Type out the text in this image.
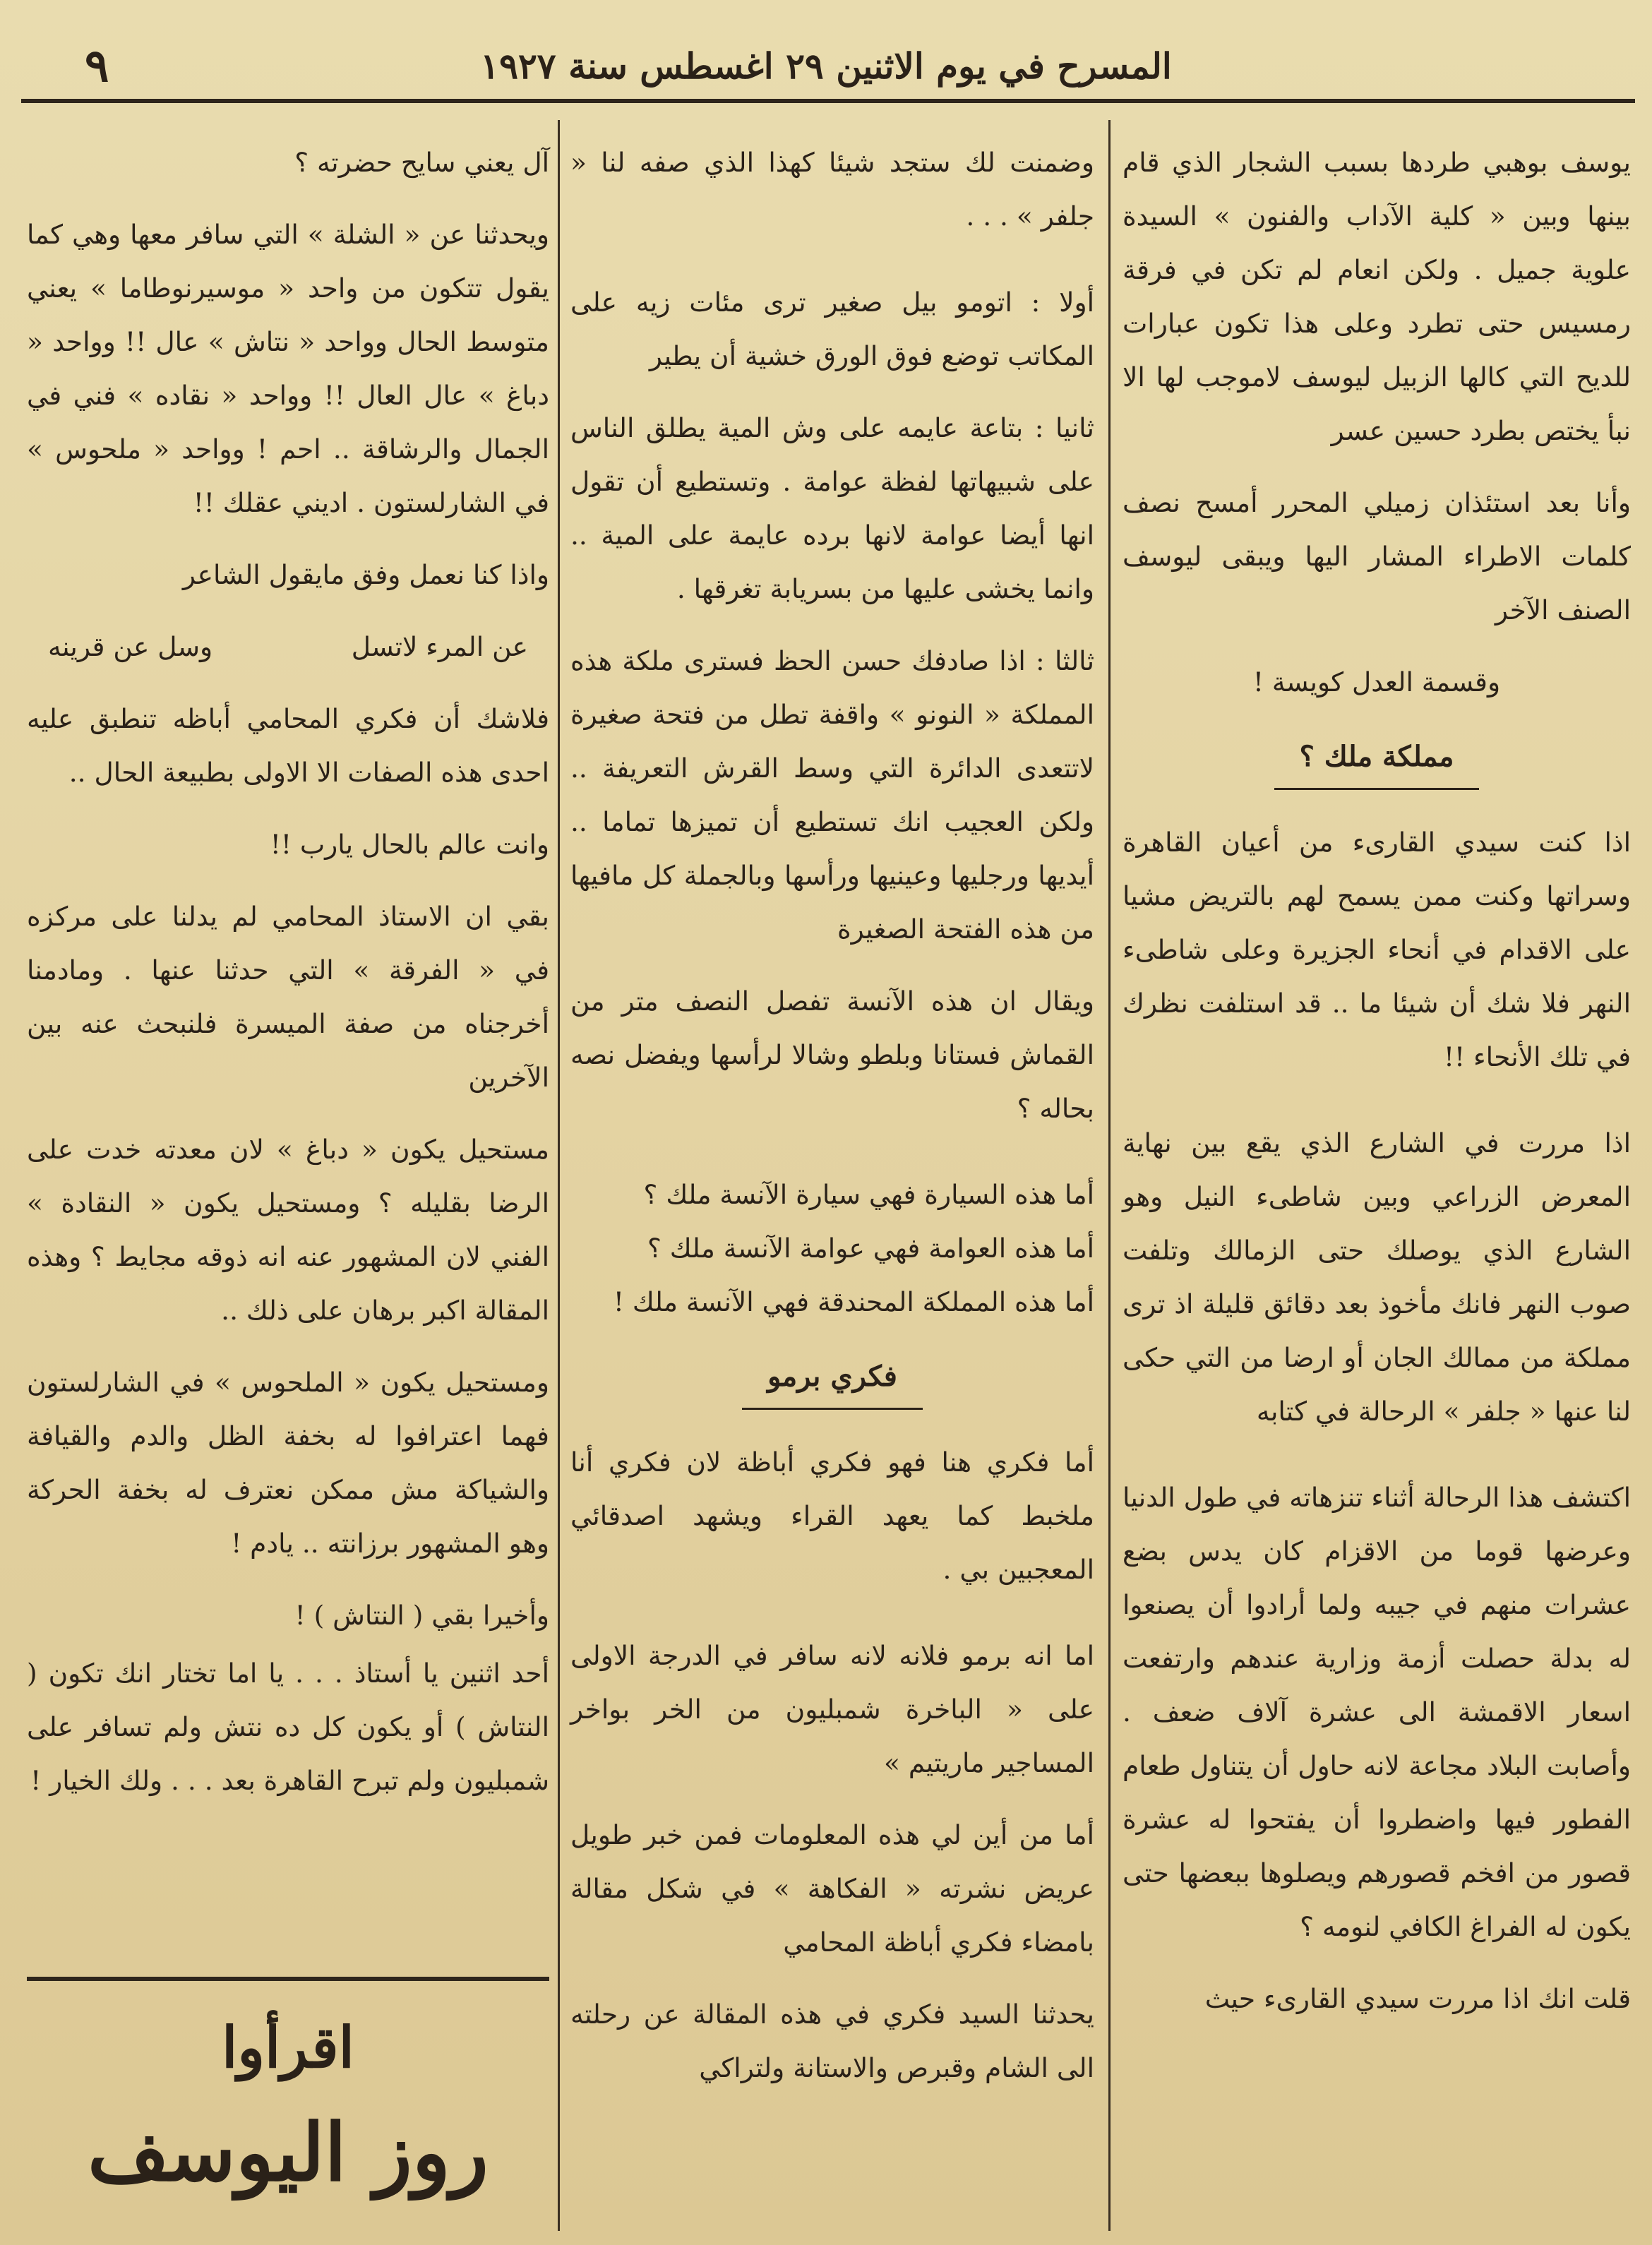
٩	المسرح في يوم الاثنين ٢٩ اغسطس سنة ١٩٢٧

يوسف بوهبي طردها بسبب الشجار الذي قام بينها وبين « كلية الآداب والفنون » السيدة علوية جميل . ولكن انعام لم تكن في فرقة رمسيس حتى تطرد وعلى هذا تكون عبارات للديح التي كالها الزبيل ليوسف لاموجب لها الا نبأ يختص بطرد حسين عسر

وأنا بعد استئذان زميلي المحرر أمسح نصف كلمات الاطراء المشار اليها ويبقى ليوسف الصنف الآخر

وقسمة العدل كويسة !

مملكة ملك ؟

اذا كنت سيدي القارىء من أعيان القاهرة وسراتها وكنت ممن يسمح لهم بالتريض مشيا على الاقدام في أنحاء الجزيرة وعلى شاطىء النهر فلا شك أن شيئا ما .. قد استلفت نظرك في تلك الأنحاء !!

اذا مررت في الشارع الذي يقع بين نهاية المعرض الزراعي وبين شاطىء النيل وهو الشارع الذي يوصلك حتى الزمالك وتلفت صوب النهر فانك مأخوذ بعد دقائق قليلة اذ ترى مملكة من ممالك الجان أو ارضا من التي حكى لنا عنها « جلفر » الرحالة في كتابه

اكتشف هذا الرحالة أثناء تنزهاته في طول الدنيا وعرضها قوما من الاقزام كان يدس بضع عشرات منهم في جيبه ولما أرادوا أن يصنعوا له بدلة حصلت أزمة وزارية عندهم وارتفعت اسعار الاقمشة الى عشرة آلاف ضعف . وأصابت البلاد مجاعة لانه حاول أن يتناول طعام الفطور فيها واضطروا أن يفتحوا له عشرة قصور من افخم قصورهم ويصلوها ببعضها حتى يكون له الفراغ الكافي لنومه ؟

قلت انك اذا مررت سيدي القارىء حيث

وضمنت لك ستجد شيئا كهذا الذي صفه لنا « جلفر » . . .

أولا : اتومو بيل صغير ترى مئات زيه على المكاتب توضع فوق الورق خشية أن يطير

ثانيا : بتاعة عايمه على وش المية يطلق الناس على شبيهاتها لفظة عوامة . وتستطيع أن تقول انها أيضا عوامة لانها برده عايمة على المية .. وانما يخشى عليها من بسريابة تغرقها .

ثالثا : اذا صادفك حسن الحظ فسترى ملكة هذه المملكة « النونو » واقفة تطل من فتحة صغيرة لاتتعدى الدائرة التي وسط القرش التعريفة .. ولكن العجيب انك تستطيع أن تميزها تماما .. أيديها ورجليها وعينيها ورأسها وبالجملة كل مافيها من هذه الفتحة الصغيرة

ويقال ان هذه الآنسة تفصل النصف متر من القماش فستانا وبلطو وشالا لرأسها ويفضل نصه بحاله ؟

أما هذه السيارة فهي سيارة الآنسة ملك ؟

أما هذه العوامة فهي عوامة الآنسة ملك ؟

أما هذه المملكة المحندقة فهي الآنسة ملك !

فكري برمو

أما فكري هنا فهو فكري أباظة لان فكري أنا ملخبط كما يعهد القراء ويشهد اصدقائي المعجبين بي .

اما انه برمو فلانه لانه سافر في الدرجة الاولى على « الباخرة شمبليون من الخر بواخر المساجير ماريتيم »

أما من أين لي هذه المعلومات فمن خبر طويل عريض نشرته « الفكاهة » في شكل مقالة بامضاء فكري أباظة المحامي

يحدثنا السيد فكري في هذه المقالة عن رحلته الى الشام وقبرص والاستانة ولتراكي

آل يعني سايح حضرته ؟

ويحدثنا عن « الشلة » التي سافر معها وهي كما يقول تتكون من واحد « موسيرنوطاما » يعني متوسط الحال وواحد « نتاش » عال !! وواحد « دباغ » عال العال !! وواحد « نقاده » فني في الجمال والرشاقة .. احم ! وواحد « ملحوس » في الشارلستون . اديني عقلك !!

واذا كنا نعمل وفق مايقول الشاعر

عن المرء لاتسل
وسل عن قرينه

فلاشك أن فكري المحامي أباظه تنطبق عليه احدى هذه الصفات الا الاولى بطبيعة الحال ..

وانت عالم بالحال يارب !!

بقي ان الاستاذ المحامي لم يدلنا على مركزه في « الفرقة » التي حدثنا عنها . ومادمنا أخرجناه من صفة الميسرة فلنبحث عنه بين الآخرين

مستحيل يكون « دباغ » لان معدته خدت على الرضا بقليله ؟ ومستحيل يكون « النقادة » الفني لان المشهور عنه انه ذوقه مجايط ؟ وهذه المقالة اكبر برهان على ذلك ..

ومستحيل يكون « الملحوس » في الشارلستون فهما اعترافوا له بخفة الظل والدم والقيافة والشياكة مش ممكن نعترف له بخفة الحركة وهو المشهور برزانته .. يادم !

وأخيرا بقي ( النتاش ) !

أحد اثنين يا أستاذ . . . يا اما تختار انك تكون ( النتاش ) أو يكون كل ده نتش ولم تسافر على شمبليون ولم تبرح القاهرة بعد . . . ولك الخيار !

اقرأوا
روز اليوسف
